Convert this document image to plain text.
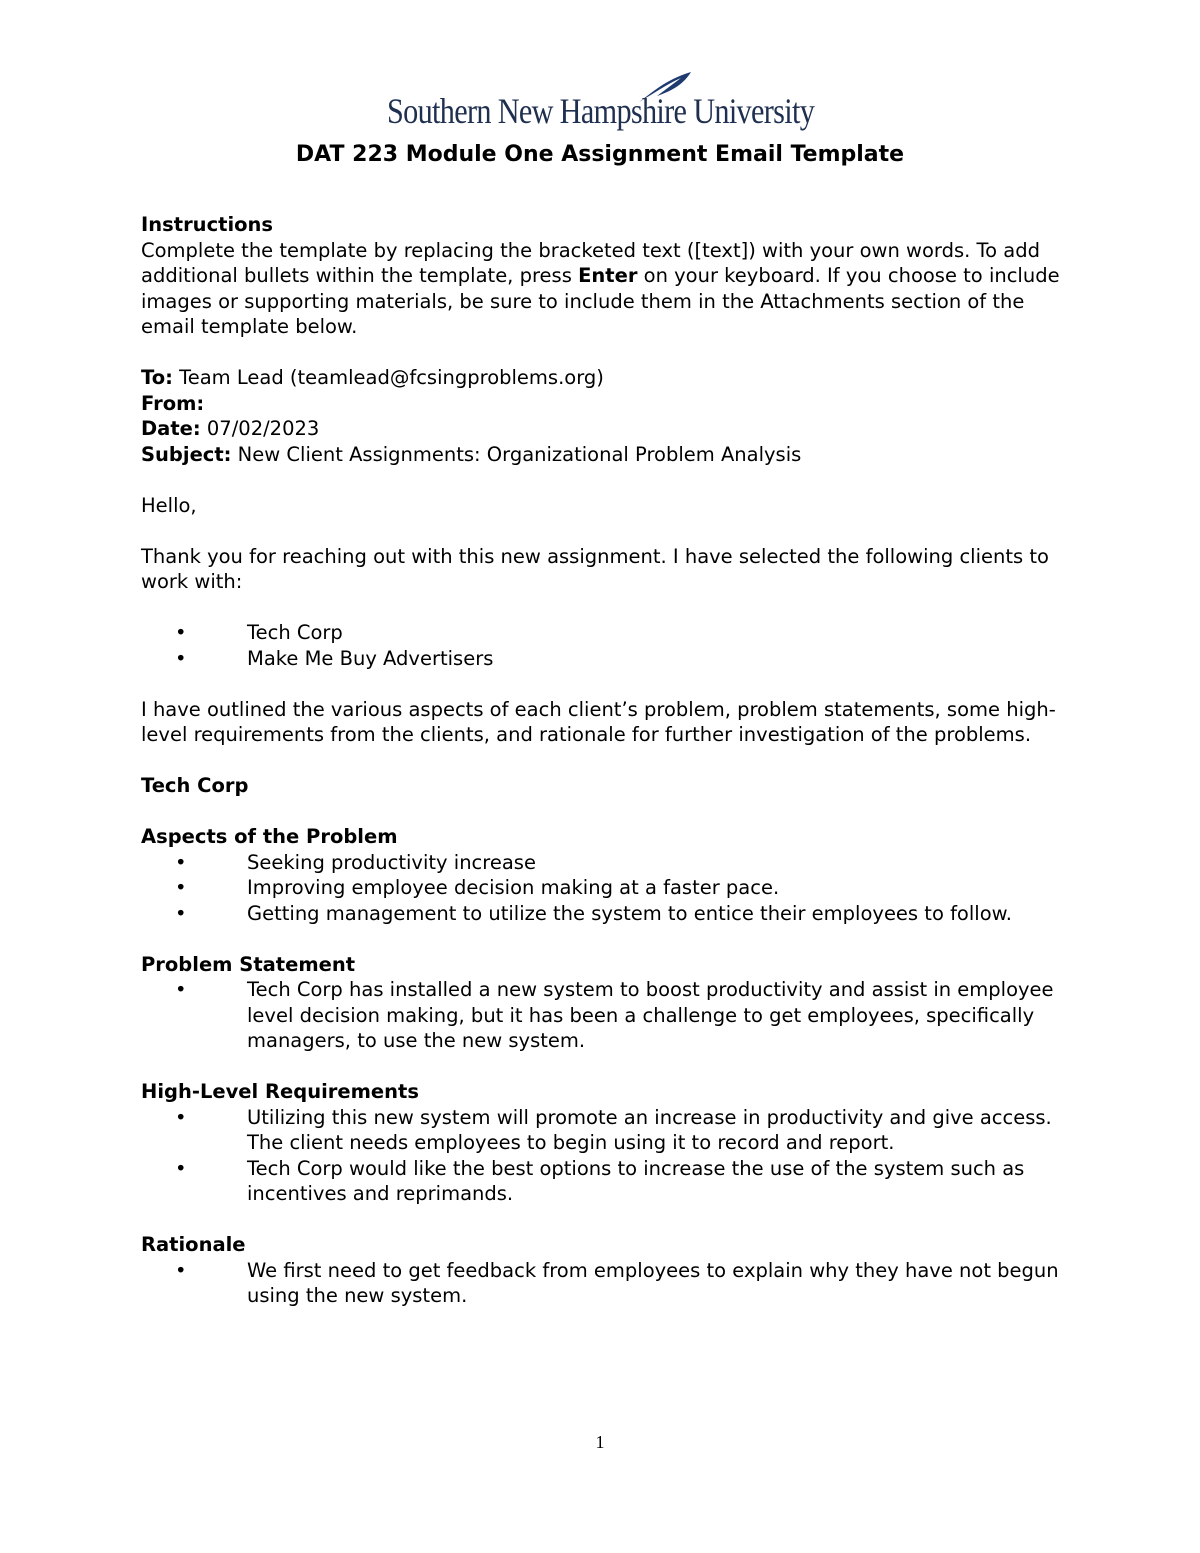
Southern New Hampshire University
DAT 223 Module One Assignment Email Template

Instructions

Complete the template by replacing the bracketed text ([text]) with your own words. To add additional bullets within the template, press Enter on your keyboard. If you choose to include images or supporting materials, be sure to include them in the Attachments section of the email template below.

To: Team Lead (teamlead@fcsingproblems.org)

From:

Date: 07/02/2023

Subject: New Client Assignments: Organizational Problem Analysis

Hello,

Thank you for reaching out with this new assignment. I have selected the following clients to work with:

• Tech Corp
• Make Me Buy Advertisers

I have outlined the various aspects of each client’s problem, problem statements, some high-level requirements from the clients, and rationale for further investigation of the problems.

Tech Corp

Aspects of the Problem

• Seeking productivity increase
• Improving employee decision making at a faster pace.
• Getting management to utilize the system to entice their employees to follow.

Problem Statement

• Tech Corp has installed a new system to boost productivity and assist in employee level decision making, but it has been a challenge to get employees, specifically managers, to use the new system.

High-Level Requirements

• Utilizing this new system will promote an increase in productivity and give access. The client needs employees to begin using it to record and report.
• Tech Corp would like the best options to increase the use of the system such as incentives and reprimands.

Rationale

• We first need to get feedback from employees to explain why they have not begun using the new system.
1
